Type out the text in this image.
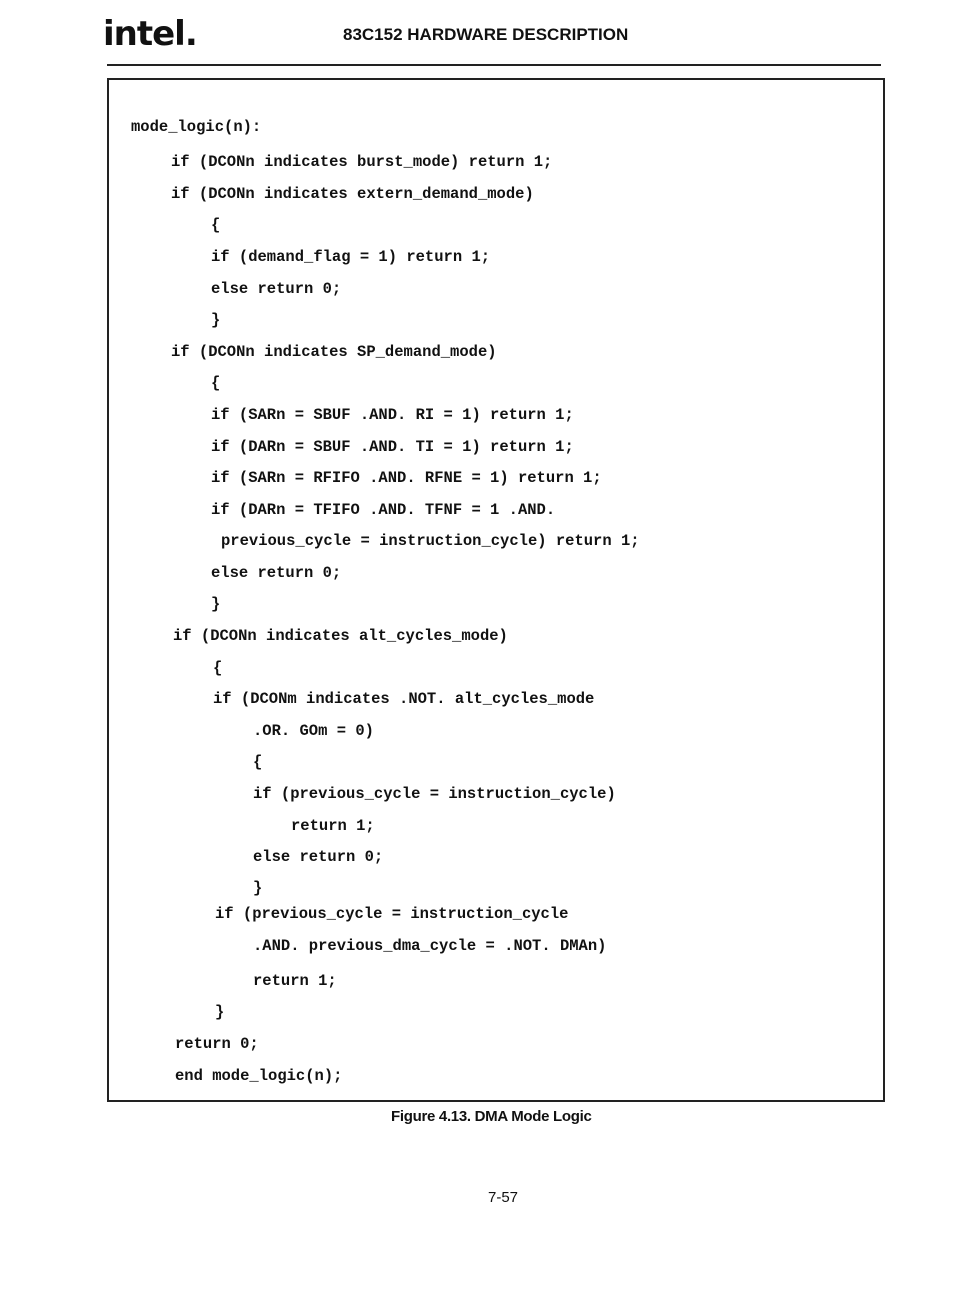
intel.	83C152 HARDWARE DESCRIPTION
mode_logic(n):
if (DCONn indicates burst_mode) return 1;
if (DCONn indicates extern_demand_mode)
{
if (demand_flag = 1) return 1;
else return 0;
}
if (DCONn indicates SP_demand_mode)
{
if (SARn = SBUF .AND. RI = 1) return 1;
if (DARn = SBUF .AND. TI = 1) return 1;
if (SARn = RFIFO .AND. RFNE = 1) return 1;
if (DARn = TFIFO .AND. TFNF = 1 .AND.
previous_cycle = instruction_cycle) return 1;
else return 0;
}
if (DCONn indicates alt_cycles_mode)
{
if (DCONm indicates .NOT. alt_cycles_mode
.OR. GOm = 0)
{
if (previous_cycle = instruction_cycle)
return 1;
else return 0;
}
if (previous_cycle = instruction_cycle
.AND. previous_dma_cycle = .NOT. DMAn)
return 1;
}
return 0;
end mode_logic(n);
Figure 4.13. DMA Mode Logic
7-57
